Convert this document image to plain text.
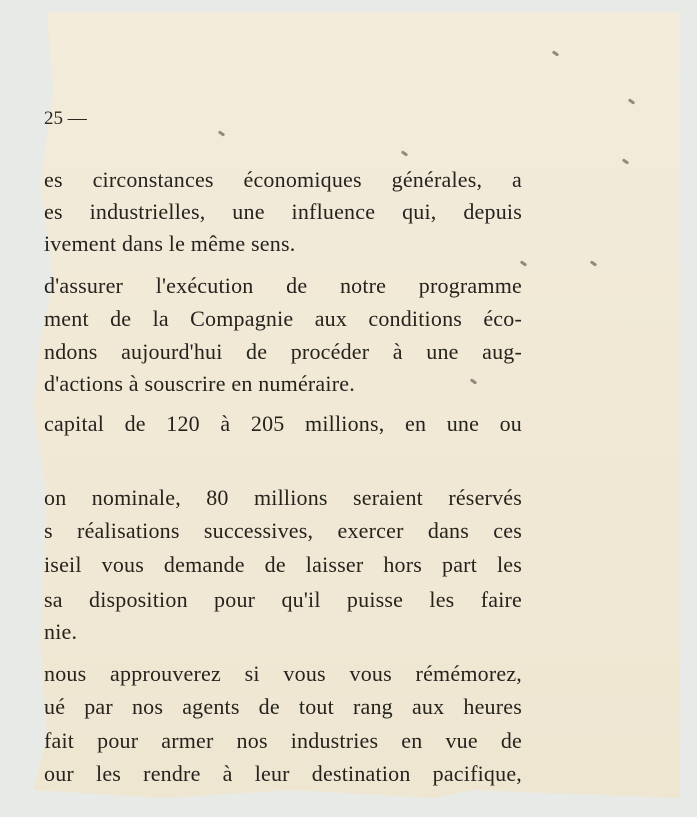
25 —
es circonstances économiques générales, a
es industrielles, une influence qui, depuis
ivement dans le même sens.
d'assurer l'exécution de notre programme
ment de la Compagnie aux conditions éco-
ndons aujourd'hui de procéder à une aug-
d'actions à souscrire en numéraire.
capital de 120 à 205 millions, en une ou
on nominale, 80 millions seraient réservés
s réalisations successives, exercer dans ces
iseil vous demande de laisser hors part les
sa disposition pour qu'il puisse les faire
nie.
nous approuverez si vous vous rémémorez,
ué par nos agents de tout rang aux heures
fait pour armer nos industries en vue de
our les rendre à leur destination pacifique,
